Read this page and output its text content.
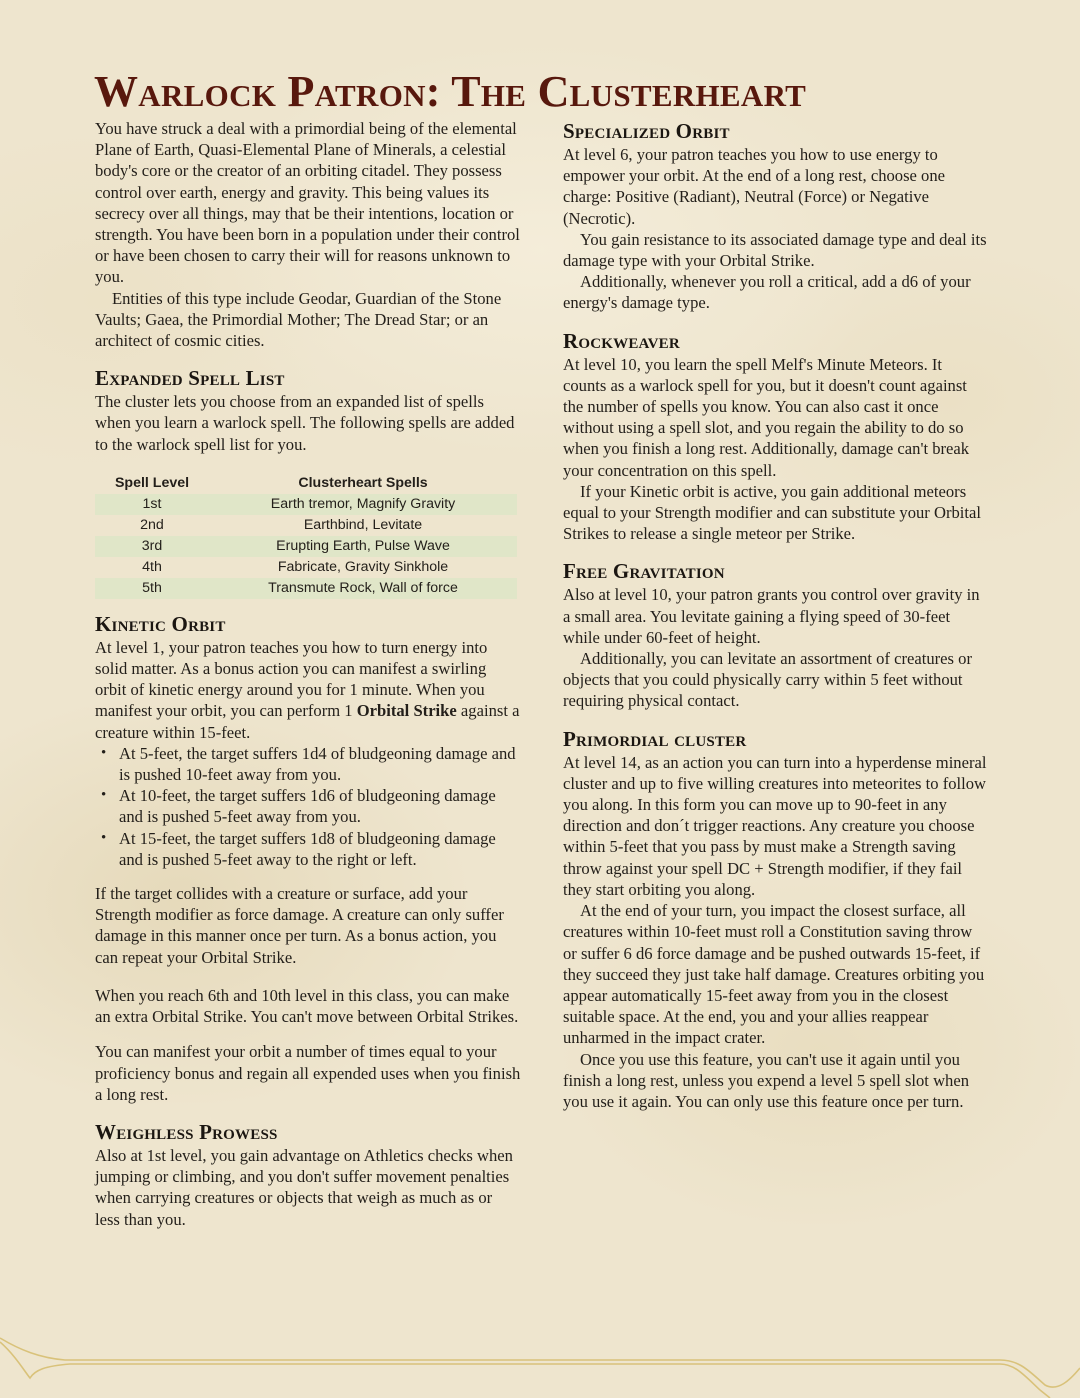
Warlock Patron: The Clusterheart

You have struck a deal with a primordial being of the elemental Plane of Earth, Quasi-Elemental Plane of Minerals, a celestial body's core or the creator of an orbiting citadel. They possess control over earth, energy and gravity. This being values its secrecy over all things, may that be their intentions, location or strength. You have been born in a population under their control or have been chosen to carry their will for reasons unknown to you.

Entities of this type include Geodar, Guardian of the Stone Vaults; Gaea, the Primordial Mother; The Dread Star; or an architect of cosmic cities.

Expanded Spell List

The cluster lets you choose from an expanded list of spells when you learn a warlock spell. The following spells are added to the warlock spell list for you.

Spell Level	Clusterheart Spells
1st	Earth tremor, Magnify Gravity
2nd	Earthbind, Levitate
3rd	Erupting Earth, Pulse Wave
4th	Fabricate, Gravity Sinkhole
5th	Transmute Rock, Wall of force
Kinetic Orbit

At level 1, your patron teaches you how to turn energy into solid matter. As a bonus action you can manifest a swirling orbit of kinetic energy around you for 1 minute. When you manifest your orbit, you can perform 1 Orbital Strike against a creature within 15-feet.

• At 5-feet, the target suffers 1d4 of bludgeoning damage and is pushed 10-feet away from you.
• At 10-feet, the target suffers 1d6 of bludgeoning damage and is pushed 5-feet away from you.
• At 15-feet, the target suffers 1d8 of bludgeoning damage and is pushed 5-feet away to the right or left.

If the target collides with a creature or surface, add your Strength modifier as force damage. A creature can only suffer damage in this manner once per turn. As a bonus action, you can repeat your Orbital Strike.

When you reach 6th and 10th level in this class, you can make an extra Orbital Strike. You can't move between Orbital Strikes.

You can manifest your orbit a number of times equal to your proficiency bonus and regain all expended uses when you finish a long rest.

Weighless Prowess

Also at 1st level, you gain advantage on Athletics checks when jumping or climbing, and you don't suffer movement penalties when carrying creatures or objects that weigh as much as or less than you.

Specialized Orbit

At level 6, your patron teaches you how to use energy to empower your orbit. At the end of a long rest, choose one charge: Positive (Radiant), Neutral (Force) or Negative (Necrotic).

You gain resistance to its associated damage type and deal its damage type with your Orbital Strike.

Additionally, whenever you roll a critical, add a d6 of your energy's damage type.

Rockweaver

At level 10, you learn the spell Melf's Minute Meteors. It counts as a warlock spell for you, but it doesn't count against the number of spells you know. You can also cast it once without using a spell slot, and you regain the ability to do so when you finish a long rest. Additionally, damage can't break your concentration on this spell.

If your Kinetic orbit is active, you gain additional meteors equal to your Strength modifier and can substitute your Orbital Strikes to release a single meteor per Strike.

Free Gravitation

Also at level 10, your patron grants you control over gravity in a small area. You levitate gaining a flying speed of 30-feet while under 60-feet of height.

Additionally, you can levitate an assortment of creatures or objects that you could physically carry within 5 feet without requiring physical contact.

Primordial cluster

At level 14, as an action you can turn into a hyperdense mineral cluster and up to five willing creatures into meteorites to follow you along. In this form you can move up to 90-feet in any direction and don´t trigger reactions. Any creature you choose within 5-feet that you pass by must make a Strength saving throw against your spell DC + Strength modifier, if they fail they start orbiting you along.

At the end of your turn, you impact the closest surface, all creatures within 10-feet must roll a Constitution saving throw or suffer 6 d6 force damage and be pushed outwards 15-feet, if they succeed they just take half damage. Creatures orbiting you appear automatically 15-feet away from you in the closest suitable space. At the end, you and your allies reappear unharmed in the impact crater.

Once you use this feature, you can't use it again until you finish a long rest, unless you expend a level 5 spell slot when you use it again. You can only use this feature once per turn.
